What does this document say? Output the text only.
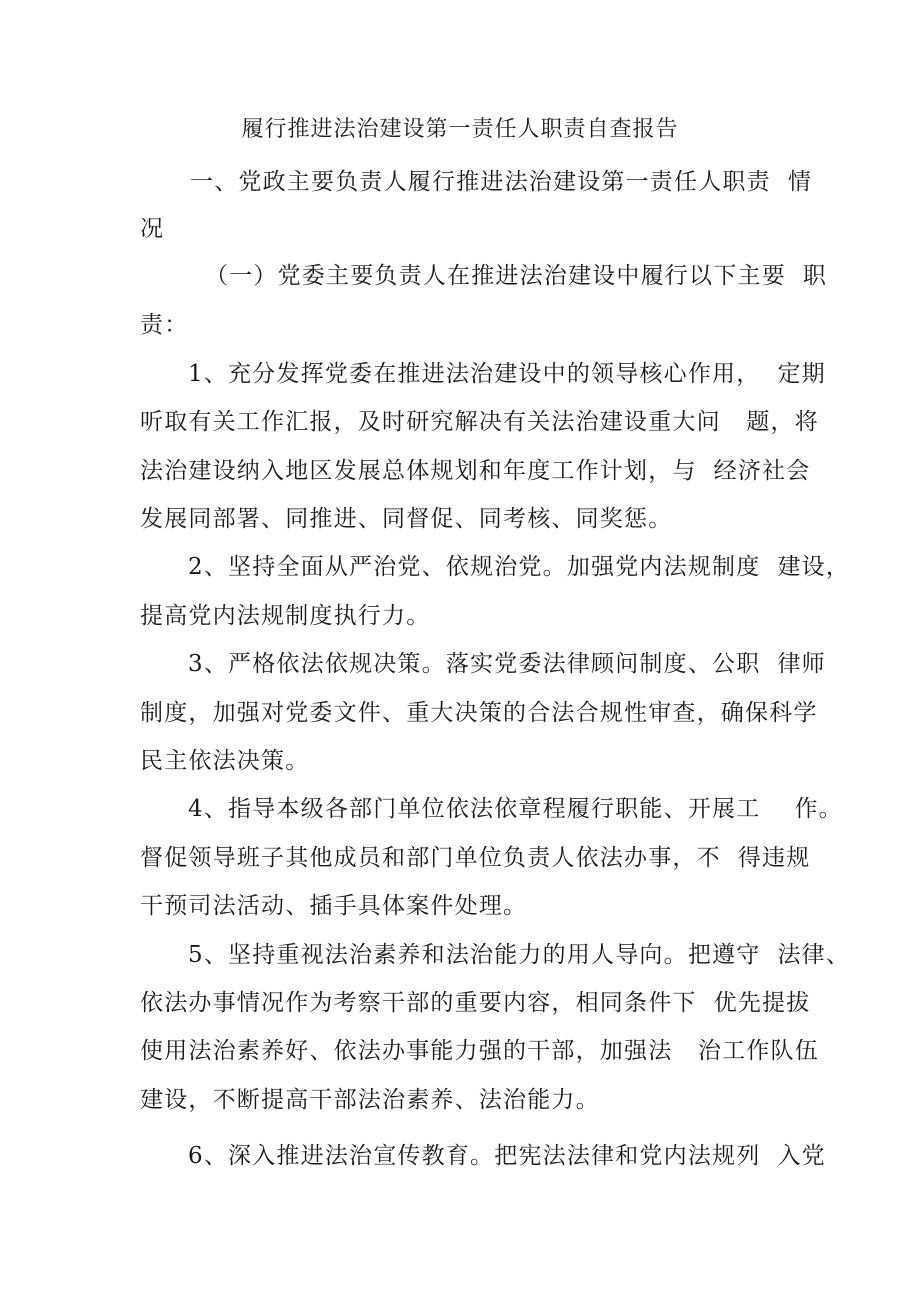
履行推进法治建设第一责任人职责自查报告
一、党政主要负责人履行推进法治建设第一责任人职责  情
况
（一）党委主要负责人在推进法治建设中履行以下主要  职
责：
1、充分发挥党委在推进法治建设中的领导核心作用，  定期
听取有关工作汇报，及时研究解决有关法治建设重大问   题，将
法治建设纳入地区发展总体规划和年度工作计划，与  经济社会
发展同部署、同推进、同督促、同考核、同奖惩。
2、坚持全面从严治党、依规治党。加强党内法规制度  建设，
提高党内法规制度执行力。
3、严格依法依规决策。落实党委法律顾问制度、公职  律师
制度，加强对党委文件、重大决策的合法合规性审查，确保科学
民主依法决策。
4、指导本级各部门单位依法依章程履行职能、开展工    作。
督促领导班子其他成员和部门单位负责人依法办事，不  得违规
干预司法活动、插手具体案件处理。
5、坚持重视法治素养和法治能力的用人导向。把遵守  法律、
依法办事情况作为考察干部的重要内容，相同条件下  优先提拔
使用法治素养好、依法办事能力强的干部，加强法   治工作队伍
建设，不断提高干部法治素养、法治能力。
6、深入推进法治宣传教育。把宪法法律和党内法规列  入党
